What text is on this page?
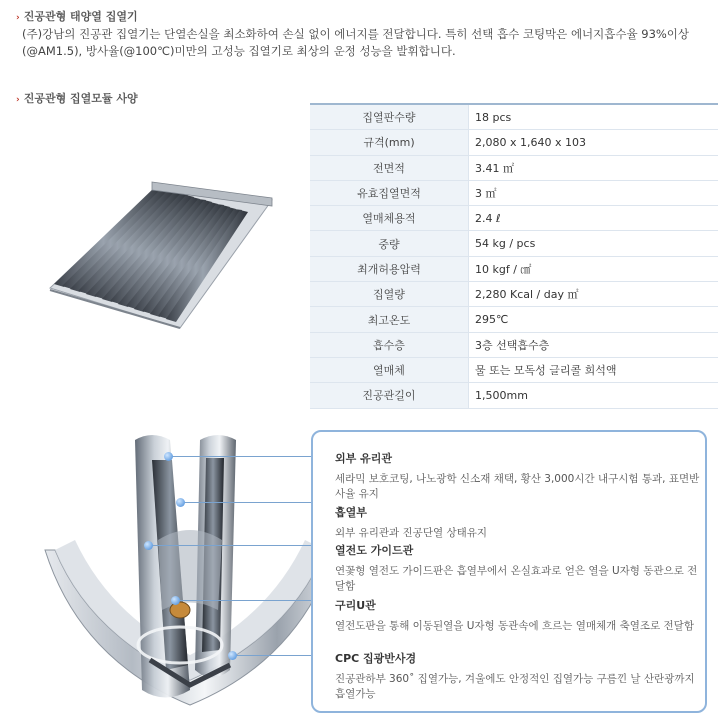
› 진공관형 태양열 집열기
(주)강남의 진공관 집열기는 단열손실을 최소화하여 손실 없이 에너지를 전달합니다. 특히 선택 흡수 코팅막은 에너지흡수율 93%이상 (@AM1.5), 방사율(@100℃)미만의 고성능 집열기로 최상의 운정 성능을 발휘합니다.
› 진공관형 집열모듈 사양
집열판수량	18 pcs
규격(mm)	2,080 x 1,640 x 103
전면적	3.41 ㎡
유효집열면적	3 ㎡
열매체용적	2.4 ℓ
중량	54 kg / pcs
최개허용압력	10 kgf / ㎠
집열량	2,280 Kcal / day ㎡
최고온도	295℃
흡수층	3층 선택흡수층
열매체	물 또는 모독성 글리콜 희석액
진공관길이	1,500mm
외부 유리관
세라믹 보호코팅, 나노광학 신소재 채택, 황산 3,000시간 내구시험 통과, 표면반사율 유지
흡열부
외부 유리관과 진공단열 상태유지
열전도 가이드관
연꽃형 열전도 가이드판은 흡열부에서 온실효과로 얻은 열을 U자형 동관으로 전달함
구리U관
열전도판을 통해 이동된열을 U자형 동관속에 흐르는 열매체개 축열조로 전달함
CPC 집광반사경
진공관하부 360˚ 집열가능, 겨울에도 안정적인 집열가능 구름낀 날 산란광까지 흡열가능
